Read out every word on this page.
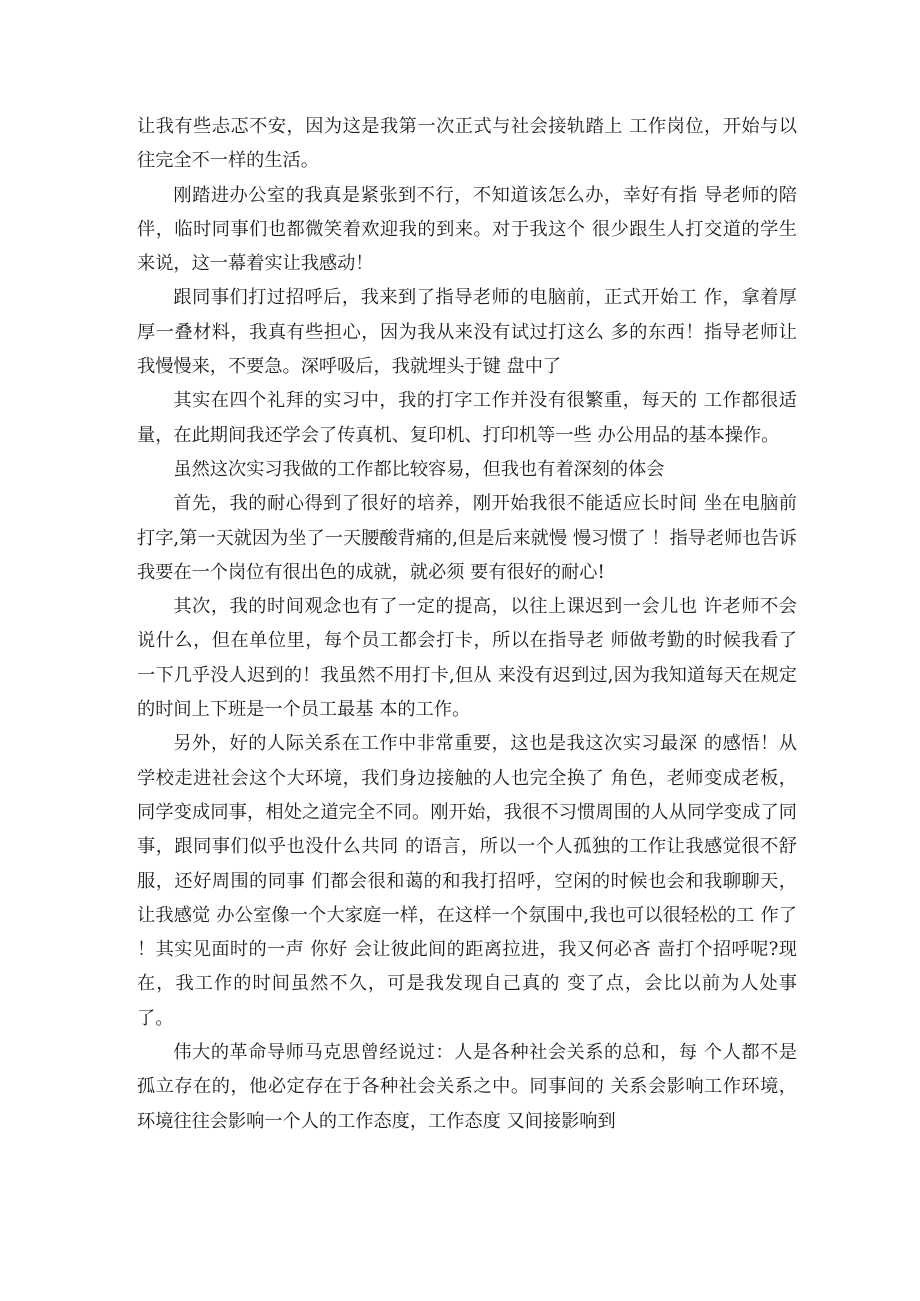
让我有些忐忑不安，因为这是我第一次正式与社会接轨踏上 工作岗位，开始与以往完全不一样的生活。

刚踏进办公室的我真是紧张到不行，不知道该怎么办，幸好有指 导老师的陪伴，临时同事们也都微笑着欢迎我的到来。对于我这个 很少跟生人打交道的学生来说，这一幕着实让我感动！

跟同事们打过招呼后，我来到了指导老师的电脑前，正式开始工 作，拿着厚厚一叠材料，我真有些担心，因为我从来没有试过打这么 多的东西！指导老师让我慢慢来，不要急。深呼吸后，我就埋头于键 盘中了

其实在四个礼拜的实习中，我的打字工作并没有很繁重，每天的 工作都很适量，在此期间我还学会了传真机、复印机、打印机等一些 办公用品的基本操作。

虽然这次实习我做的工作都比较容易，但我也有着深刻的体会

首先，我的耐心得到了很好的培养，刚开始我很不能适应长时间 坐在电脑前打字,第一天就因为坐了一天腰酸背痛的,但是后来就慢 慢习惯了 ！指导老师也告诉我要在一个岗位有很出色的成就，就必须 要有很好的耐心!

其次，我的时间观念也有了一定的提高，以往上课迟到一会儿也 许老师不会说什么，但在单位里，每个员工都会打卡，所以在指导老 师做考勤的时候我看了 一下几乎没人迟到的！我虽然不用打卡,但从 来没有迟到过,因为我知道每天在规定的时间上下班是一个员工最基 本的工作。

另外，好的人际关系在工作中非常重要，这也是我这次实习最深 的感悟！从学校走进社会这个大环境，我们身边接触的人也完全换了 角色，老师变成老板，同学变成同事，相处之道完全不同。刚开始，我很不习惯周围的人从同学变成了同事，跟同事们似乎也没什么共同 的语言，所以一个人孤独的工作让我感觉很不舒服，还好周围的同事 们都会很和蔼的和我打招呼，空闲的时候也会和我聊聊天，让我感觉 办公室像一个大家庭一样，在这样一个氛围中,我也可以很轻松的工 作了 ！其实见面时的一声 你好 会让彼此间的距离拉进，我又何必吝 啬打个招呼呢?现在，我工作的时间虽然不久，可是我发现自己真的 变了点，会比以前为人处事了。

伟大的革命导师马克思曾经说过：人是各种社会关系的总和，每 个人都不是孤立存在的，他必定存在于各种社会关系之中。同事间的 关系会影响工作环境，环境往往会影响一个人的工作态度，工作态度 又间接影响到
